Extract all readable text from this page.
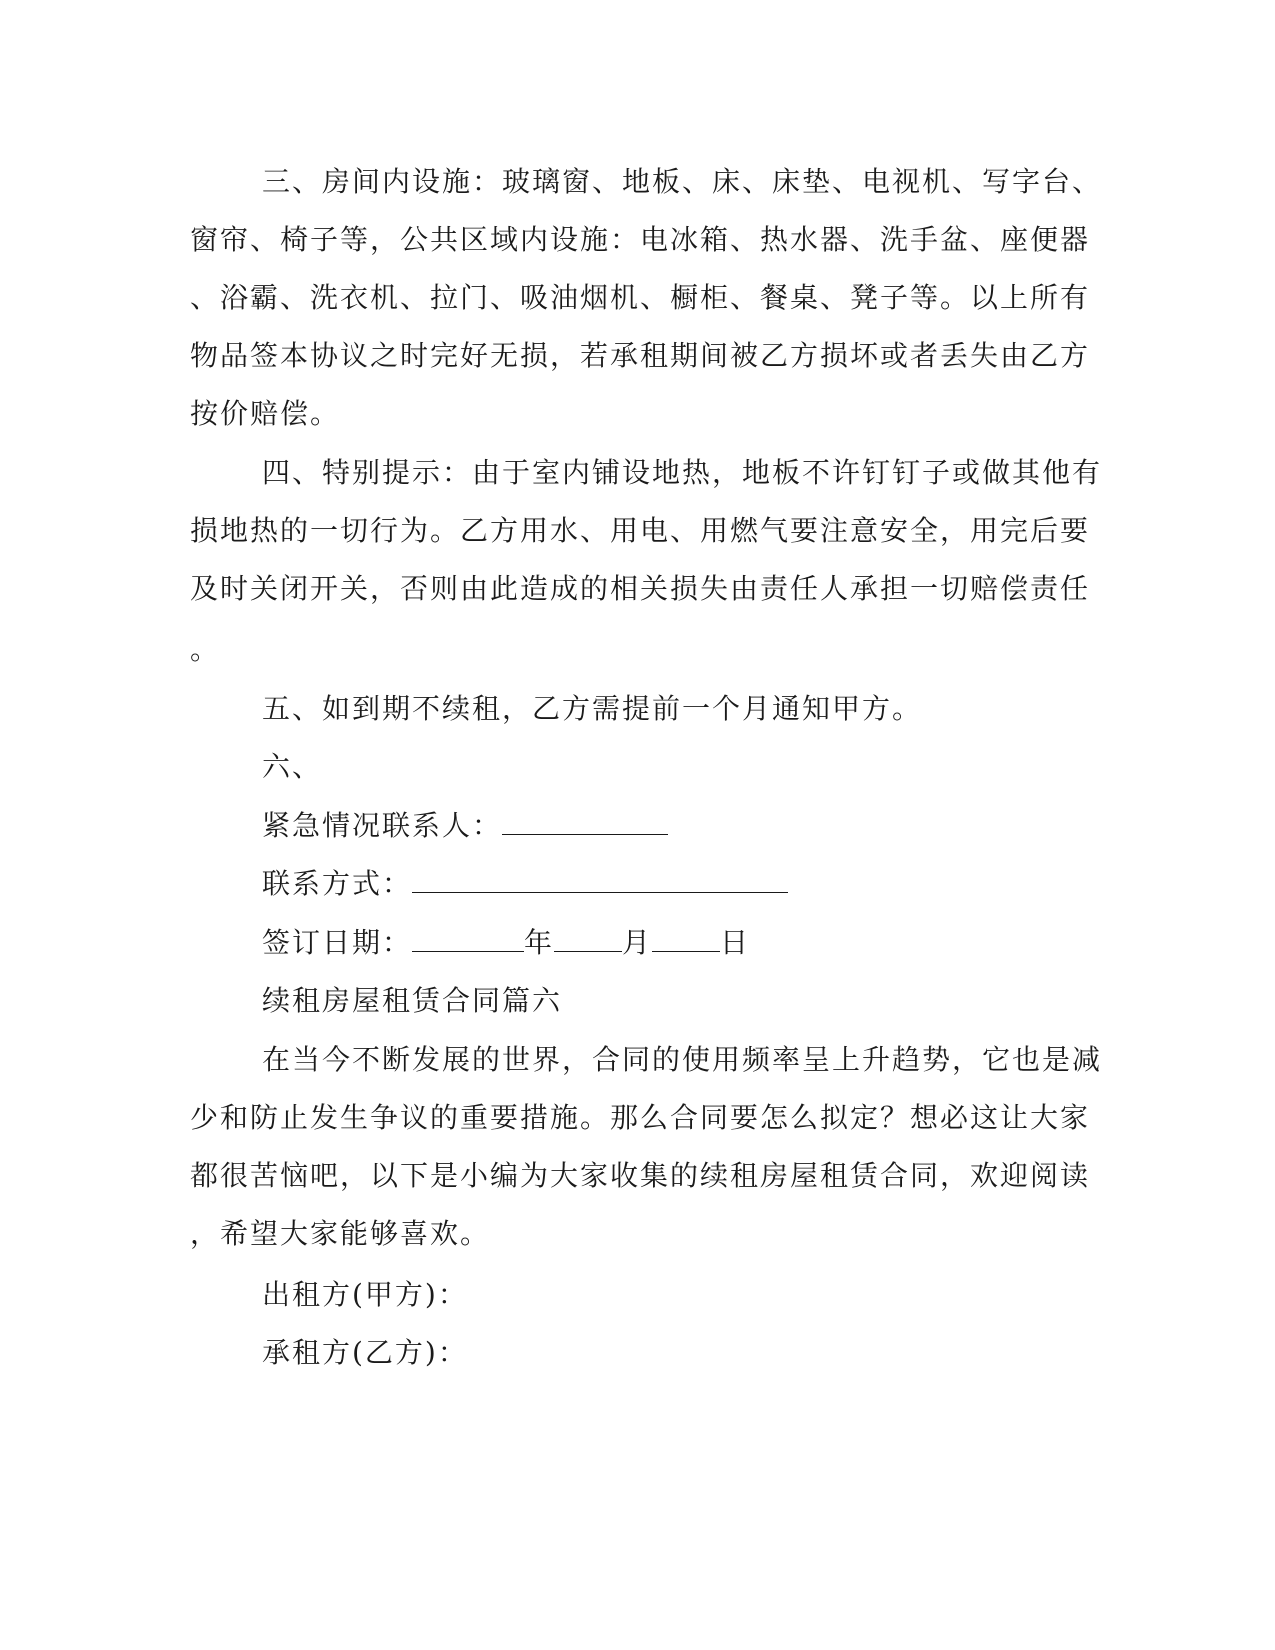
三、房间内设施：玻璃窗、地板、床、床垫、电视机、写字台、
窗帘、椅子等，公共区域内设施：电冰箱、热水器、洗手盆、座便器
、浴霸、洗衣机、拉门、吸油烟机、橱柜、餐桌、凳子等。以上所有
物品签本协议之时完好无损，若承租期间被乙方损坏或者丢失由乙方
按价赔偿。
四、特别提示：由于室内铺设地热，地板不许钉钉子或做其他有
损地热的一切行为。乙方用水、用电、用燃气要注意安全，用完后要
及时关闭开关，否则由此造成的相关损失由责任人承担一切赔偿责任
。
五、如到期不续租，乙方需提前一个月通知甲方。
六、
紧急情况联系人：
联系方式：
签订日期：	年 月 日
续租房屋租赁合同篇六
在当今不断发展的世界，合同的使用频率呈上升趋势，它也是减
少和防止发生争议的重要措施。那么合同要怎么拟定？想必这让大家
都很苦恼吧，以下是小编为大家收集的续租房屋租赁合同，欢迎阅读
，希望大家能够喜欢。
出租方(甲方)：
承租方(乙方)：
